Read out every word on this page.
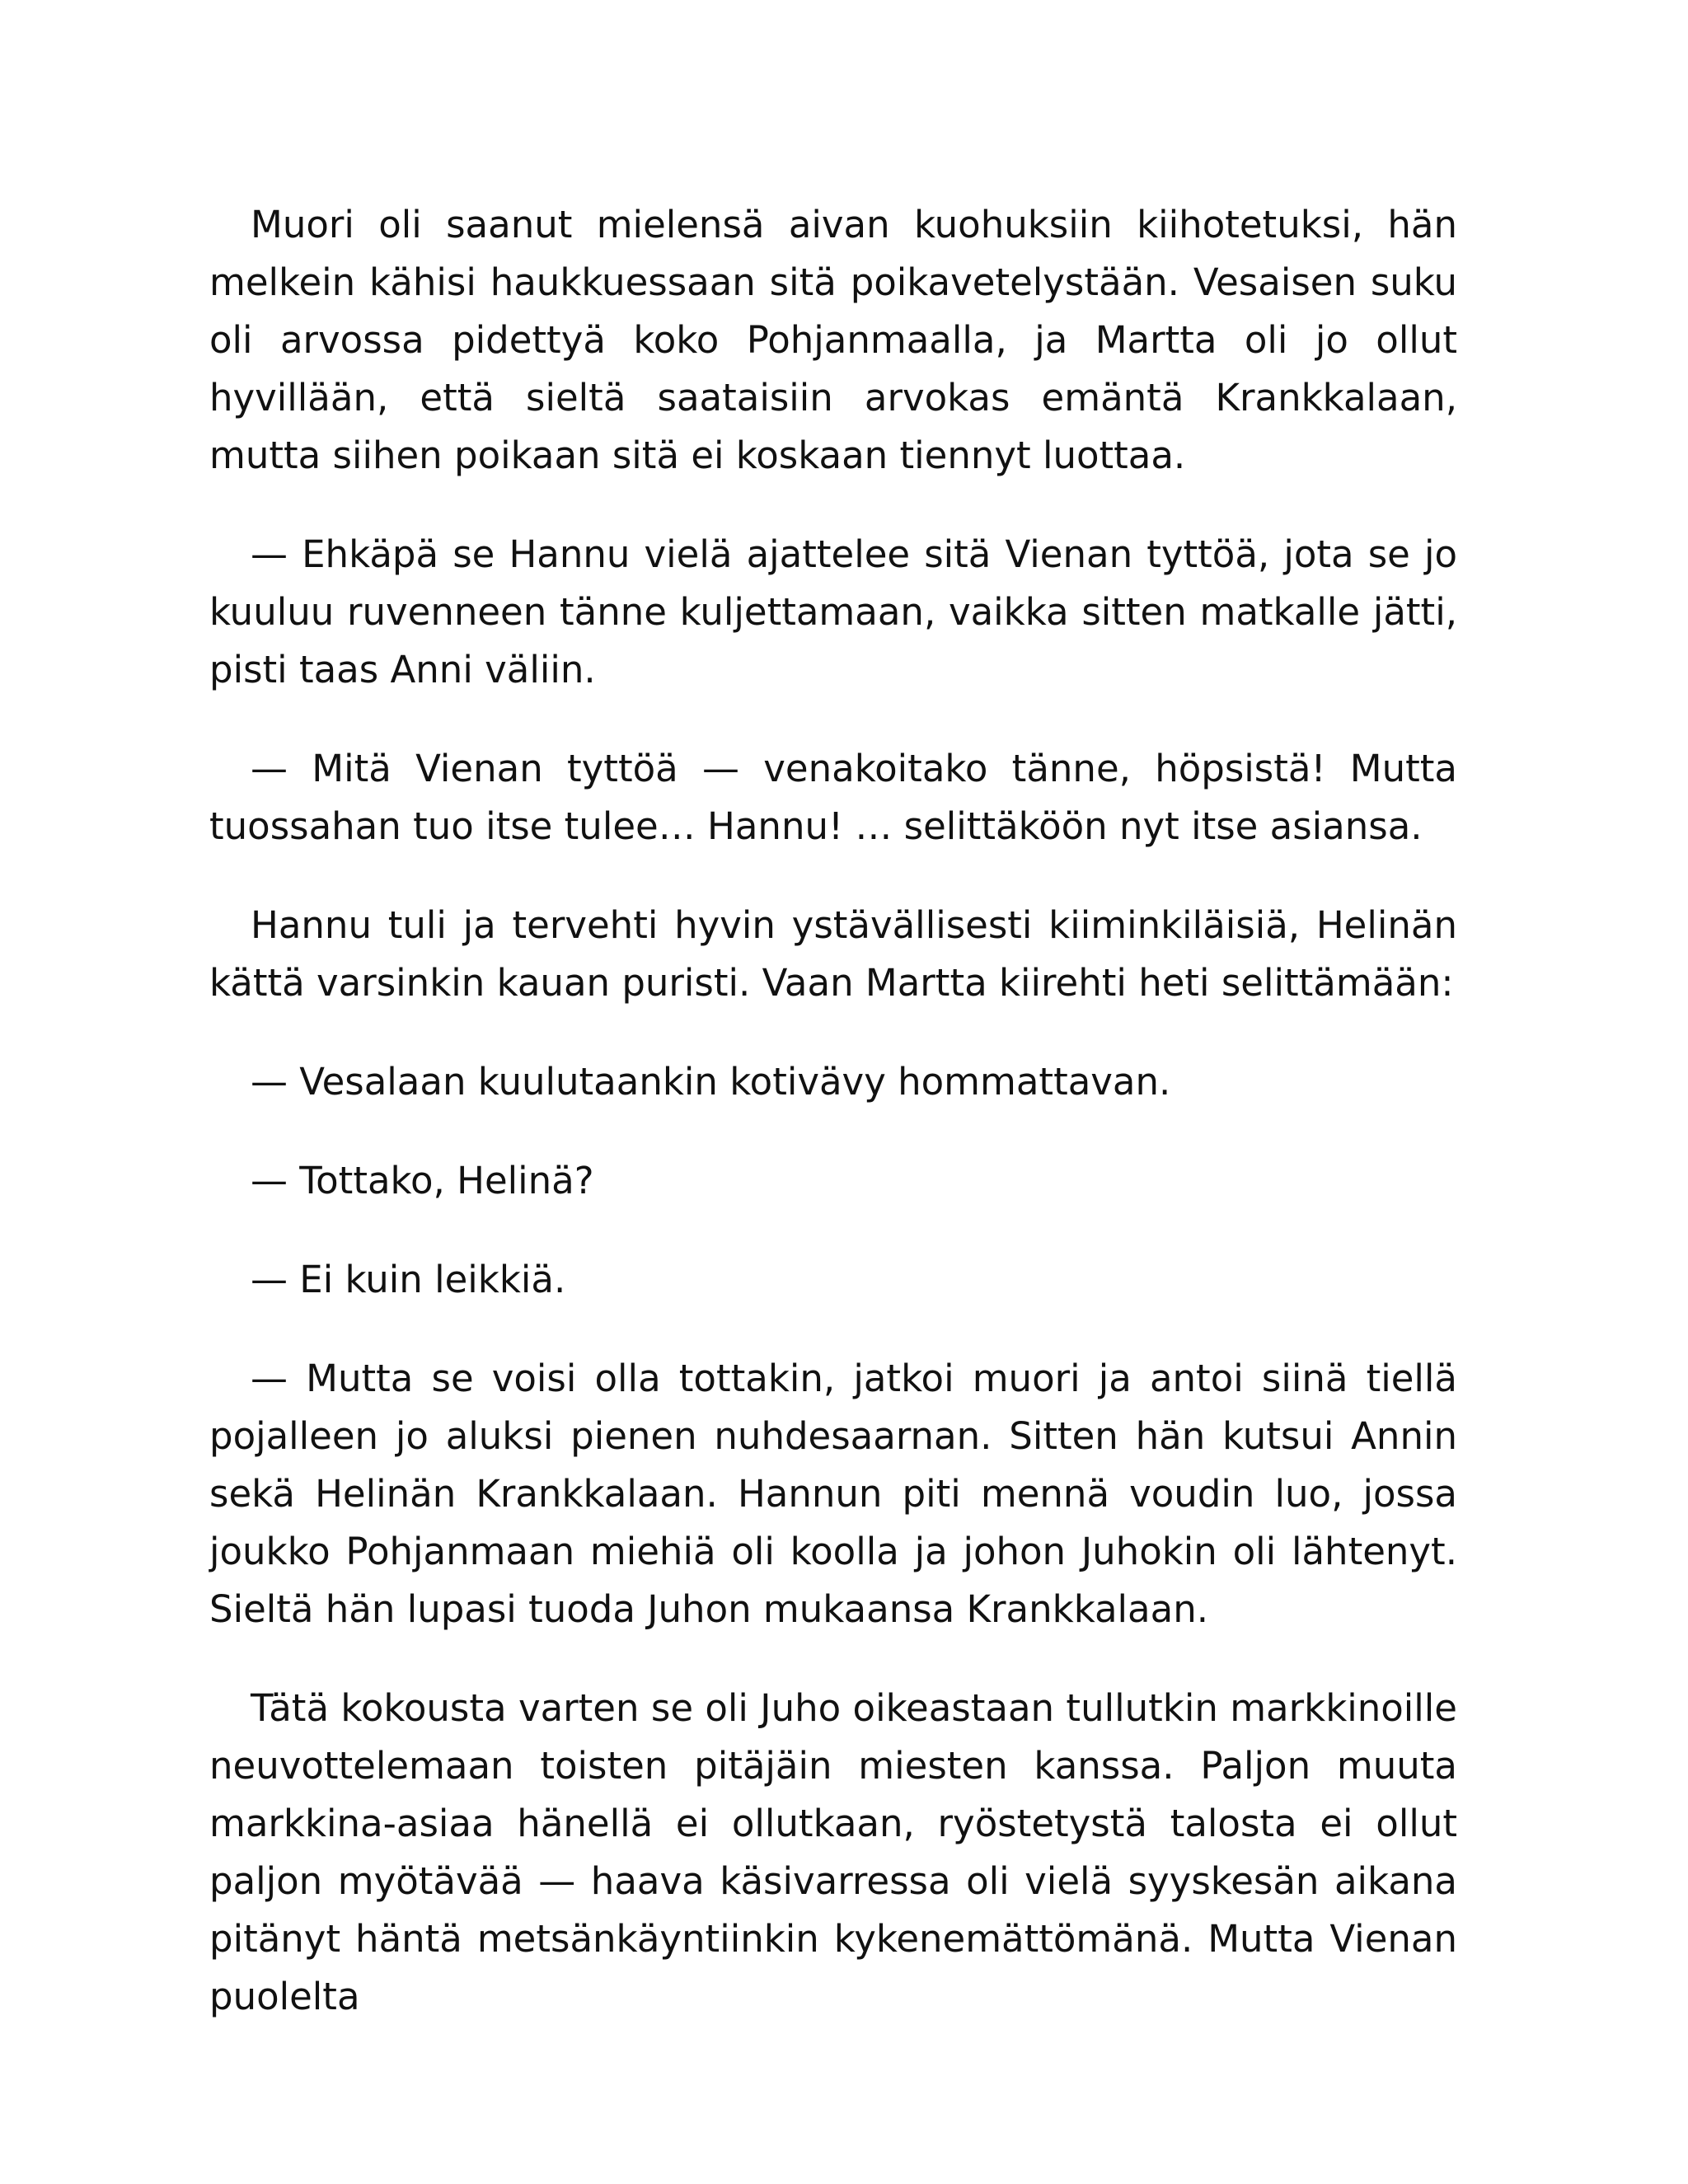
Muori oli saanut mielensä aivan kuohuksiin kiihotetuksi, hän melkein kähisi haukkuessaan sitä poikavetelystään. Vesaisen suku oli arvossa pidettyä koko Pohjanmaalla, ja Martta oli jo ollut hyvillään, että sieltä saataisiin arvokas emäntä Krankkalaan, mutta siihen poikaan sitä ei koskaan tiennyt luottaa.

— Ehkäpä se Hannu vielä ajattelee sitä Vienan tyttöä, jota se jo kuuluu ruvenneen tänne kuljettamaan, vaikka sitten matkalle jätti, pisti taas Anni väliin.

— Mitä Vienan tyttöä — venakoitako tänne, höpsistä! Mutta tuossahan tuo itse tulee… Hannu! … selittäköön nyt itse asiansa.

Hannu tuli ja tervehti hyvin ystävällisesti kiiminkiläisiä, Helinän kättä varsinkin kauan puristi. Vaan Martta kiirehti heti selittämään:

— Vesalaan kuulutaankin kotivävy hommattavan.

— Tottako, Helinä?

— Ei kuin leikkiä.

— Mutta se voisi olla tottakin, jatkoi muori ja antoi siinä tiellä pojalleen jo aluksi pienen nuhdesaarnan. Sitten hän kutsui Annin sekä Helinän Krankkalaan. Hannun piti mennä voudin luo, jossa joukko Pohjanmaan miehiä oli koolla ja johon Juhokin oli lähtenyt. Sieltä hän lupasi tuoda Juhon mukaansa Krankkalaan.

Tätä kokousta varten se oli Juho oikeastaan tullutkin markkinoille neuvottelemaan toisten pitäjäin miesten kanssa. Paljon muuta markkina-asiaa hänellä ei ollutkaan, ryöstetystä talosta ei ollut paljon myötävää — haava käsivarressa oli vielä syyskesän aikana pitänyt häntä metsänkäyntiinkin kykenemättömänä. Mutta Vienan puolelta
